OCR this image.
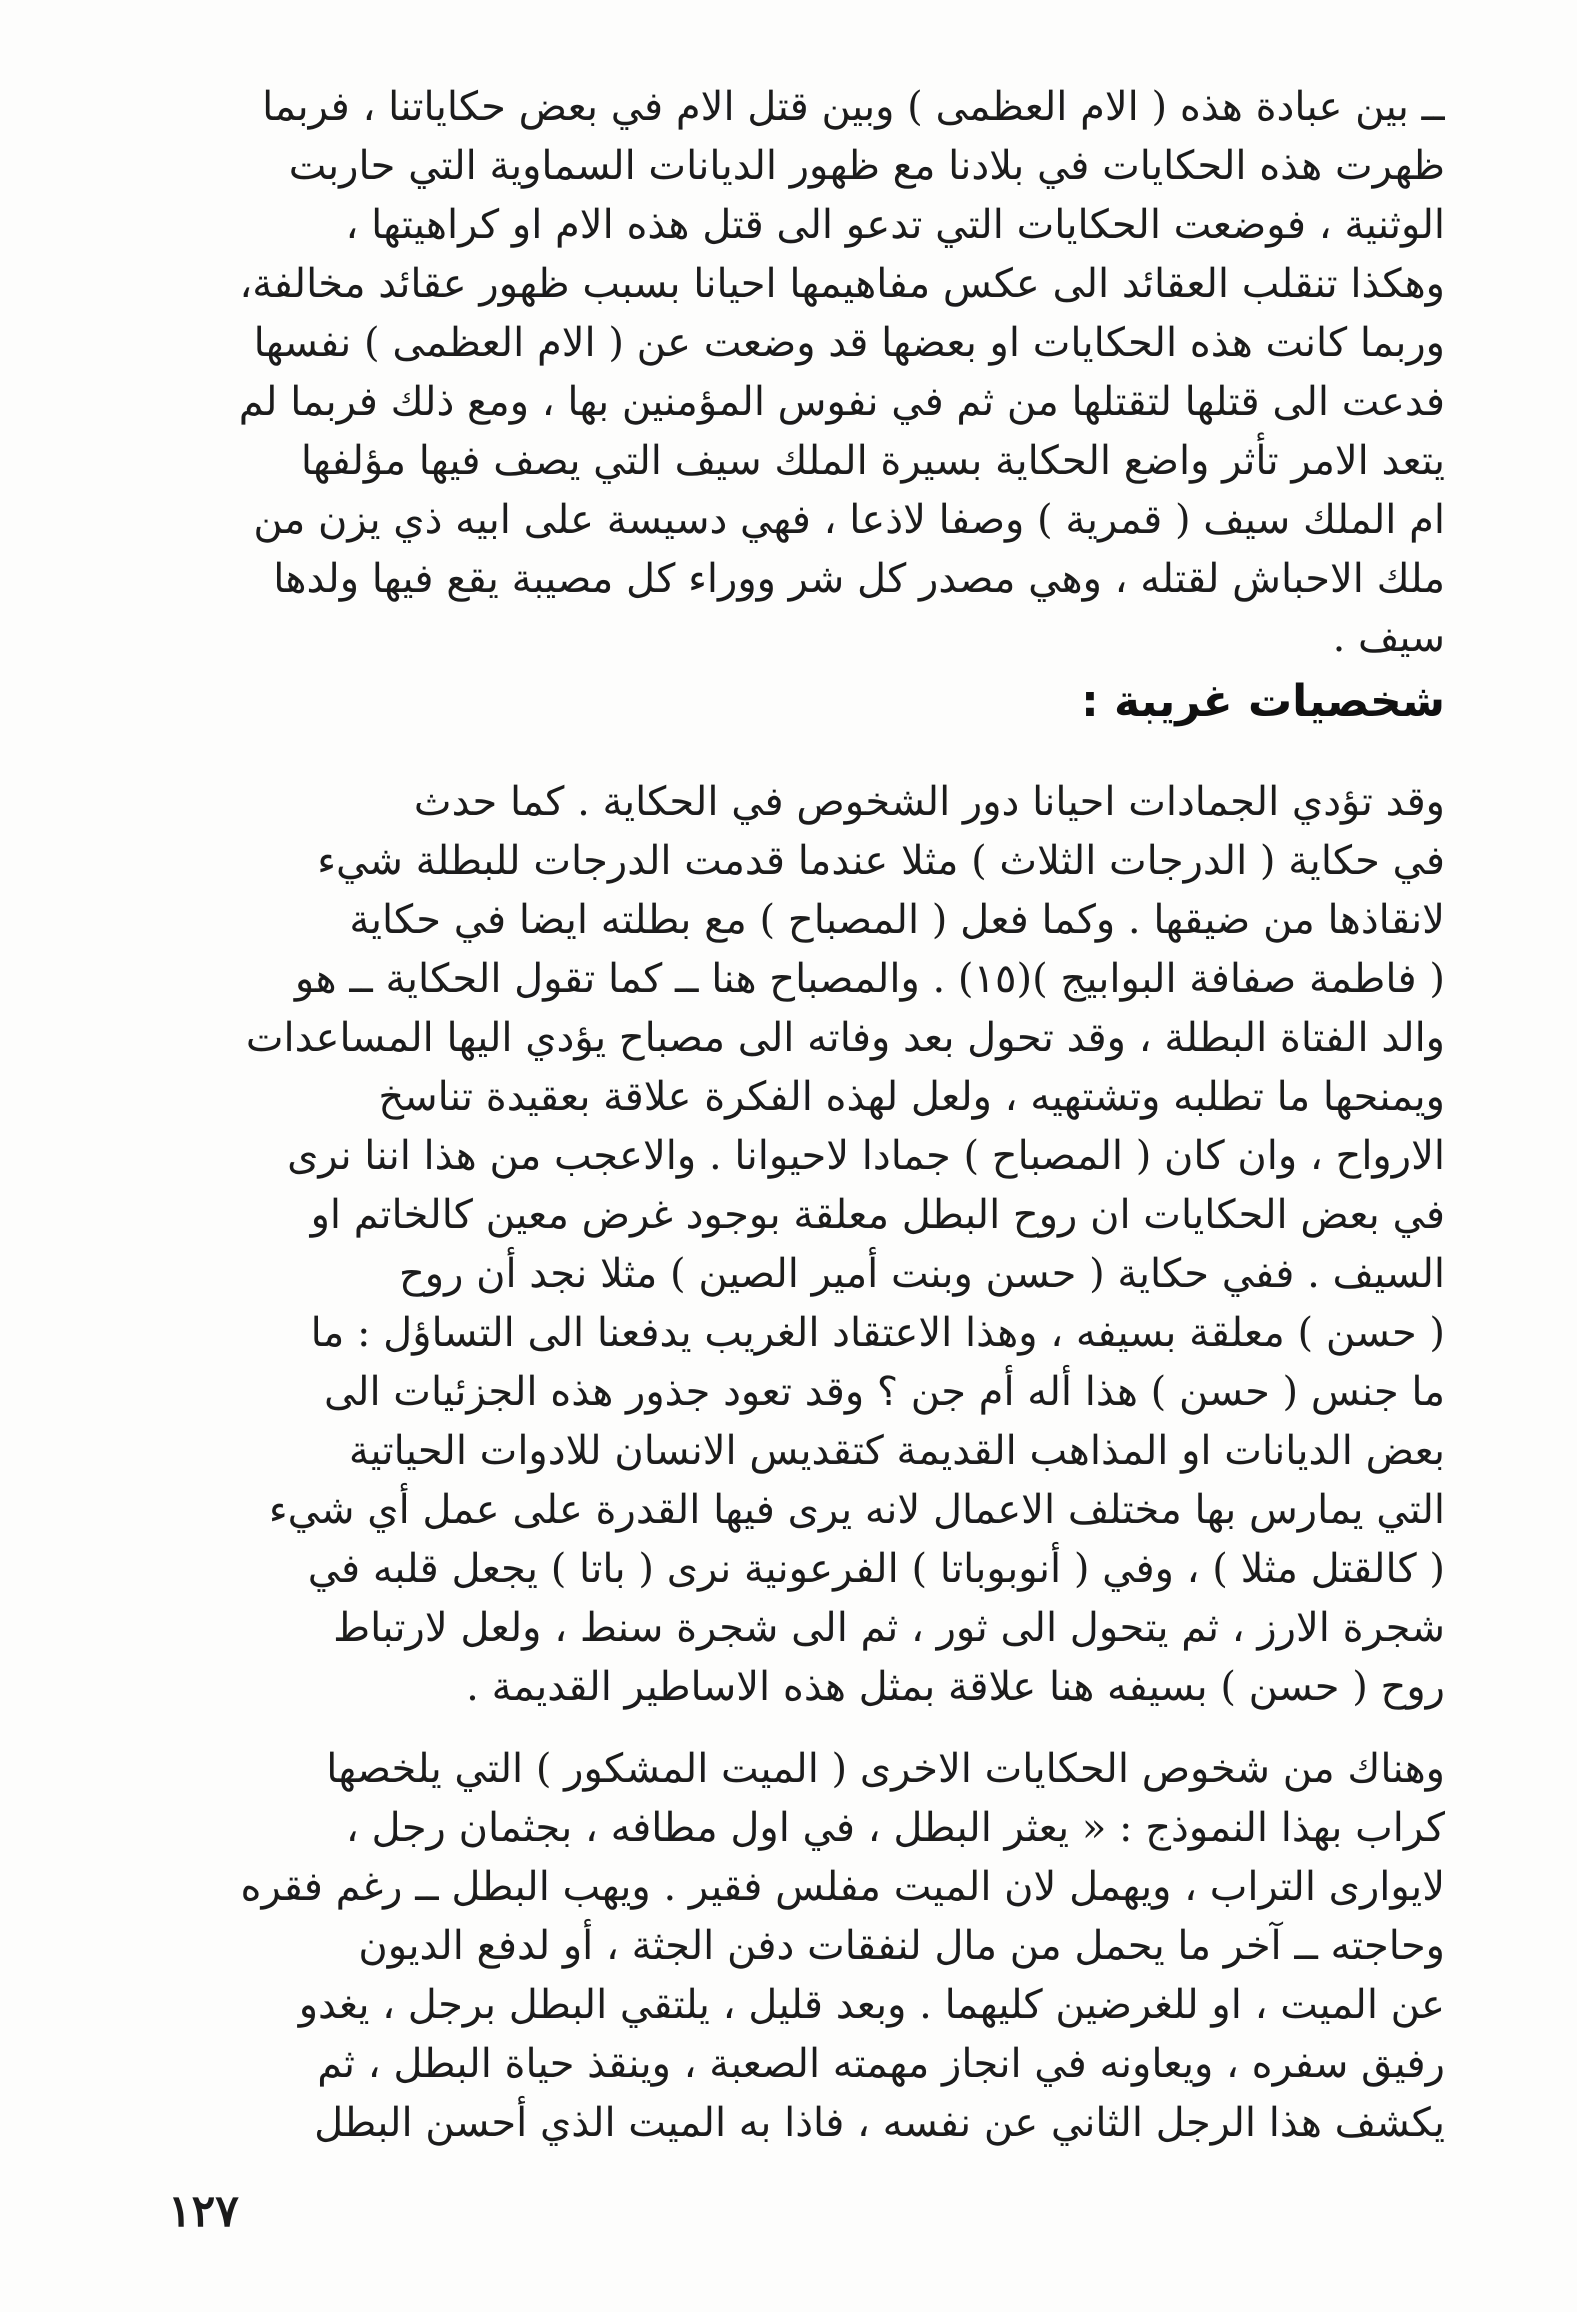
ــ بين عبادة هذه ( الام العظمى ) وبين قتل الام في بعض حكاياتنا ، فربما
ظهرت هذه الحكايات في بلادنا مع ظهور الديانات السماوية التي حاربت
الوثنية ، فوضعت الحكايات التي تدعو الى قتل هذه الام او كراهيتها ،
وهكذا تنقلب العقائد الى عكس مفاهيمها احيانا بسبب ظهور عقائد مخالفة،
وربما كانت هذه الحكايات او بعضها قد وضعت عن ( الام العظمى ) نفسها
فدعت الى قتلها لتقتلها من ثم في نفوس المؤمنين بها ، ومع ذلك فربما لم
يتعد الامر تأثر واضع الحكاية بسيرة الملك سيف التي يصف فيها مؤلفها
ام الملك سيف ( قمرية ) وصفا لاذعا ، فهي دسيسة على ابيه ذي يزن من
ملك الاحباش لقتله ، وهي مصدر كل شر ووراء كل مصيبة يقع فيها ولدها
سيف .
شخصيات غريبة :
وقد تؤدي الجمادات احيانا دور الشخوص في الحكاية . كما حدث
في حكاية ( الدرجات الثلاث ) مثلا عندما قدمت الدرجات للبطلة شيء
لانقاذها من ضيقها . وكما فعل ( المصباح ) مع بطلته ايضا في حكاية
( فاطمة صفافة البوابيج )(١٥) . والمصباح هنا ــ كما تقول الحكاية ــ هو
والد الفتاة البطلة ، وقد تحول بعد وفاته الى مصباح يؤدي اليها المساعدات
ويمنحها ما تطلبه وتشتهيه ، ولعل لهذه الفكرة علاقة بعقيدة تناسخ
الارواح ، وان كان ( المصباح ) جمادا لاحيوانا . والاعجب من هذا اننا نرى
في بعض الحكايات ان روح البطل معلقة بوجود غرض معين كالخاتم او
السيف . ففي حكاية ( حسن وبنت أمير الصين ) مثلا نجد أن روح
( حسن ) معلقة بسيفه ، وهذا الاعتقاد الغريب يدفعنا الى التساؤل : ما
ما جنس ( حسن ) هذا أله أم جن ؟ وقد تعود جذور هذه الجزئيات الى
بعض الديانات او المذاهب القديمة كتقديس الانسان للادوات الحياتية
التي يمارس بها مختلف الاعمال لانه يرى فيها القدرة على عمل أي شيء
( كالقتل مثلا ) ، وفي ( أنوبوباتا ) الفرعونية نرى ( باتا ) يجعل قلبه في
شجرة الارز ، ثم يتحول الى ثور ، ثم الى شجرة سنط ، ولعل لارتباط
روح ( حسن ) بسيفه هنا علاقة بمثل هذه الاساطير القديمة .
وهناك من شخوص الحكايات الاخرى ( الميت المشكور ) التي يلخصها
كراب بهذا النموذج : « يعثر البطل ، في اول مطافه ، بجثمان رجل ،
لايوارى التراب ، ويهمل لان الميت مفلس فقير . ويهب البطل ــ رغم فقره
وحاجته ــ آخر ما يحمل من مال لنفقات دفن الجثة ، أو لدفع الديون
عن الميت ، او للغرضين كليهما . وبعد قليل ، يلتقي البطل برجل ، يغدو
رفيق سفره ، ويعاونه في انجاز مهمته الصعبة ، وينقذ حياة البطل ، ثم
يكشف هذا الرجل الثاني عن نفسه ، فاذا به الميت الذي أحسن البطل
١٢٧
